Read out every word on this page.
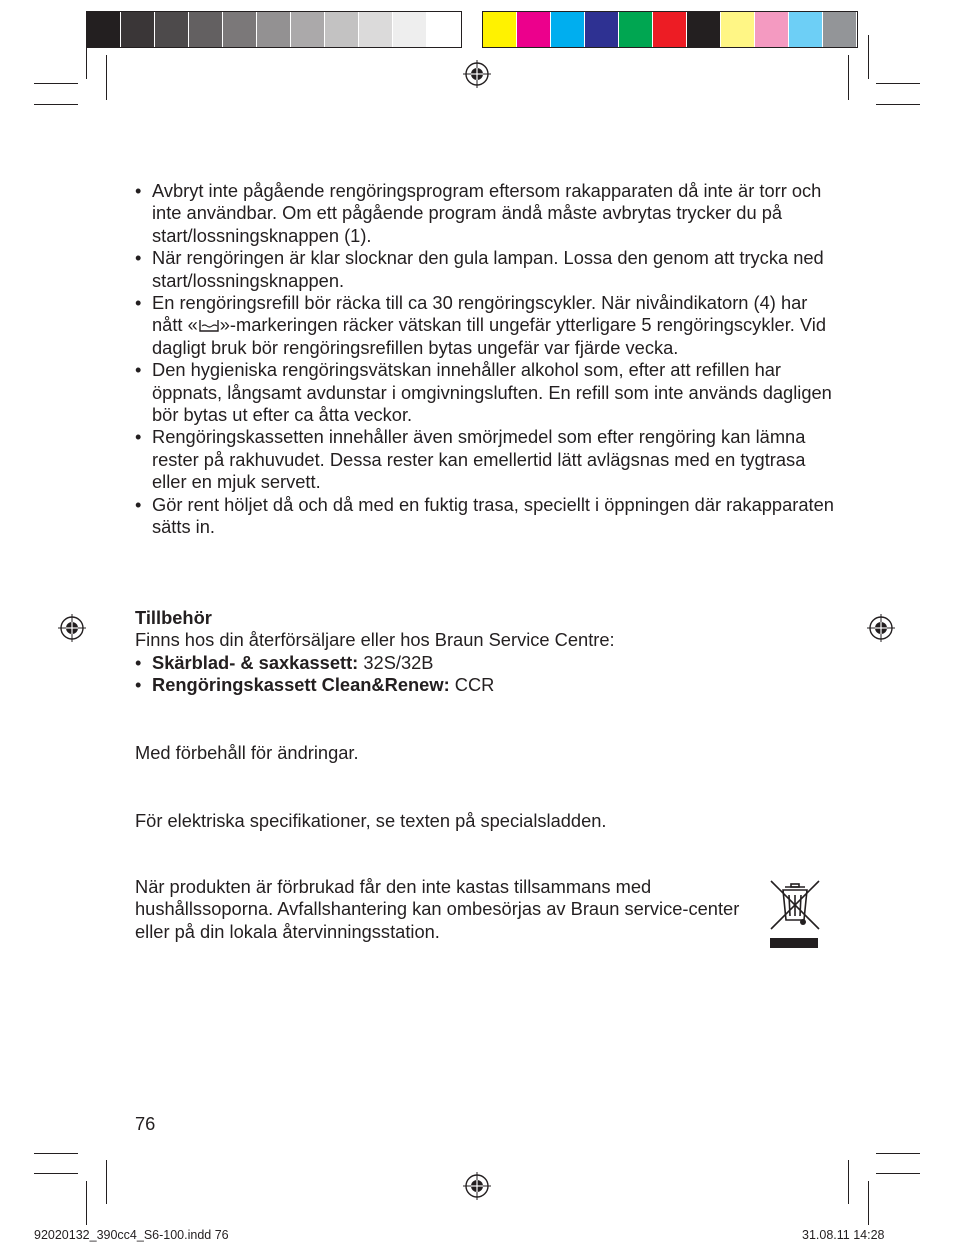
• Avbryt inte pågående rengöringsprogram eftersom rakapparaten då inte är torr och inte användbar. Om ett pågående program ändå måste avbrytas trycker du på start/lossningsknappen (1).
• När rengöringen är klar slocknar den gula lampan. Lossa den genom att trycka ned start/lossningsknappen.
• En rengöringsrefill bör räcka till ca 30 rengöringscykler. När nivåindikatorn (4) har nått « »-markeringen räcker vätskan till ungefär ytterligare 5 rengöringscykler. Vid dagligt bruk bör rengöringsrefillen bytas ungefär var fjärde vecka.
• Den hygieniska rengöringsvätskan innehåller alkohol som, efter att refillen har öppnats, långsamt avdunstar i omgivningsluften. En refill som inte används dagligen bör bytas ut efter ca åtta veckor.
• Rengöringskassetten innehåller även smörjmedel som efter rengöring kan lämna rester på rakhuvudet. Dessa rester kan emellertid lätt avlägsnas med en tygtrasa eller en mjuk servett.
• Gör rent höljet då och då med en fuktig trasa, speciellt i öppningen där rakapparaten sätts in.
Tillbehör
Finns hos din återförsäljare eller hos Braun Service Centre:
• Skärblad- & saxkassett: 32S/32B
• Rengöringskassett Clean&Renew: CCR
Med förbehåll för ändringar.
För elektriska specifikationer, se texten på specialsladden.
När produkten är förbrukad får den inte kastas tillsammans med hushållssoporna. Avfallshantering kan ombesörjas av Braun service-center eller på din lokala återvinningsstation.
76
92020132_390cc4_S6-100.indd 76	31.08.11 14:28
